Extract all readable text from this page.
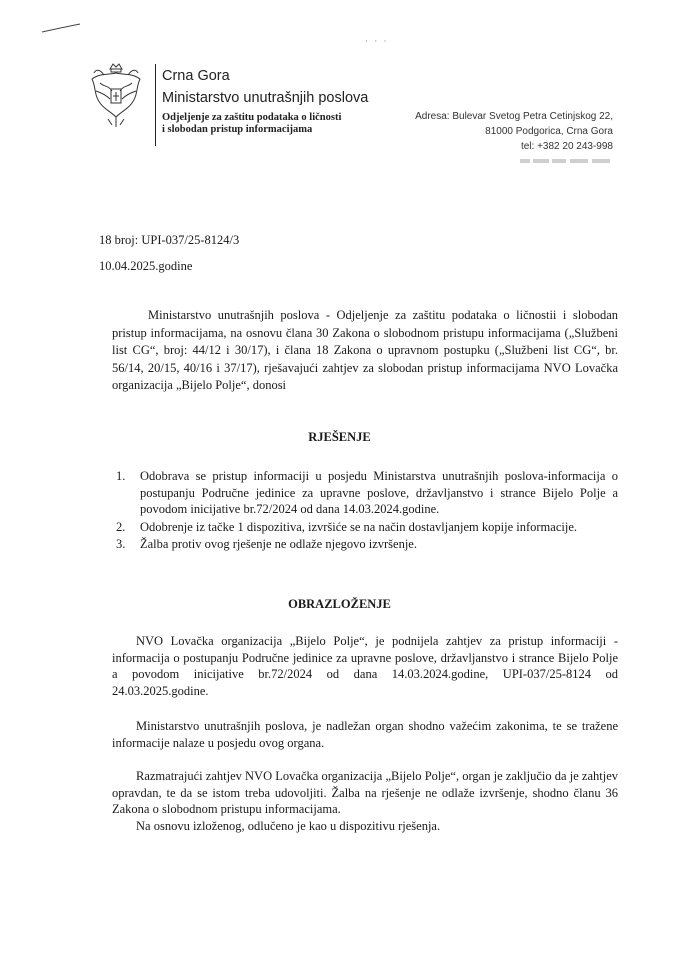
· · ·
Crna Gora
Ministarstvo unutrašnjih poslova
Odjeljenje za zaštitu podataka o ličnosti
i slobodan pristup informacijama
Adresa: Bulevar Svetog Petra Cetinjskog 22,
81000 Podgorica, Crna Gora
tel: +382 20 243-998
18 broj: UPI-037/25-8124/3
10.04.2025.godine

Ministarstvo unutrašnjih poslova - Odjeljenje za zaštitu podataka o ličnostii i slobodan pristup informacijama, na osnovu člana 30 Zakona o slobodnom pristupu informacijama („Službeni list CG“, broj: 44/12 i 30/17), i člana 18 Zakona o upravnom postupku („Službeni list CG“, br. 56/14, 20/15, 40/16 i 37/17), rješavajući zahtjev za slobodan pristup informacijama NVO Lovačka organizacija „Bijelo Polje“, donosi

RJEŠENJE
1. Odobrava se pristup informaciji u posjedu Ministarstva unutrašnjih poslova-informacija o postupanju Područne jedinice za upravne poslove, državljanstvo i strance Bijelo Polje a povodom inicijative br.72/2024 od dana 14.03.2024.godine.
2. Odobrenje iz tačke 1 dispozitiva, izvršiće se na način dostavljanjem kopije informacije.
3. Žalba protiv ovog rješenje ne odlaže njegovo izvršenje.
OBRAZLOŽENJE

NVO Lovačka organizacija „Bijelo Polje“, je podnijela zahtjev za pristup informaciji - informacija o postupanju Područne jedinice za upravne poslove, državljanstvo i strance Bijelo Polje a povodom inicijative br.72/2024 od dana 14.03.2024.godine, UPI-037/25-8124 od 24.03.2025.godine.

Ministarstvo unutrašnjih poslova, je nadležan organ shodno važećim zakonima, te se tražene informacije nalaze u posjedu ovog organa.

Razmatrajući zahtjev NVO Lovačka organizacija „Bijelo Polje“, organ je zaključio da je zahtjev opravdan, te da se istom treba udovoljiti. Žalba na rješenje ne odlaže izvršenje, shodno članu 36 Zakona o slobodnom pristupu informacijama.

Na osnovu izloženog, odlučeno je kao u dispozitivu rješenja.
